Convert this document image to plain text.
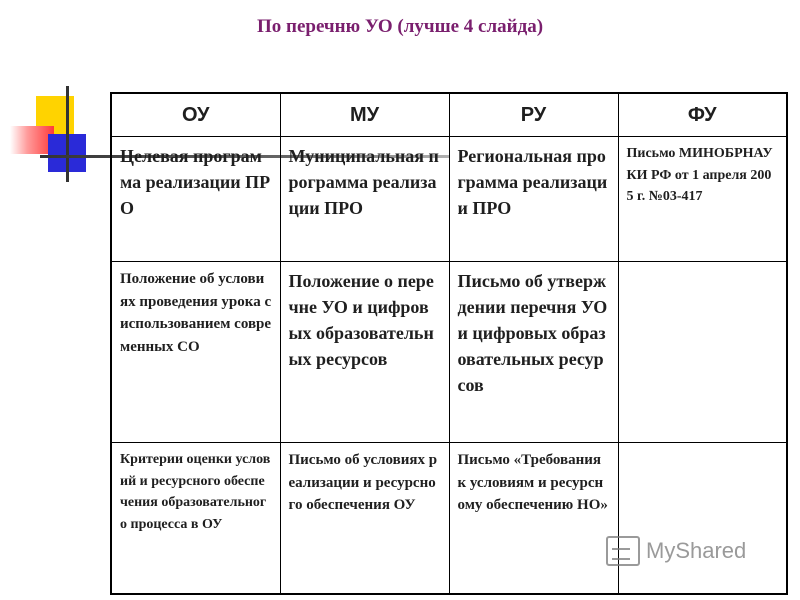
По перечню УО (лучше 4 слайда)
ОУ	МУ	РУ	ФУ
Целевая программа реализации ПРО	Муниципальная программа реализации ПРО	Региональная программа реализации ПРО	Письмо МИНОБРНАУКИ РФ от 1 апреля 2005 г. №03-417
Положение об условиях проведения урока с использованием современных СО	Положение о перечне УО и цифровых образовательных ресурсов	Письмо об утверждении перечня УО и цифровых образовательных ресурсов	
Критерии оценки условий и ресурсного обеспечения образовательного процесса в ОУ	Письмо об условиях реализации и ресурсного обеспечения ОУ	Письмо «Требования к условиям и ресурсному обеспечению НО»	
MyShared
